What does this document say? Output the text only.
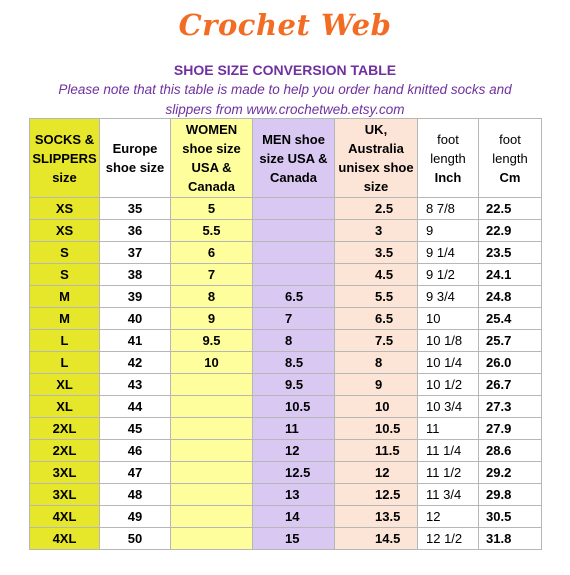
Crochet Web
SHOE SIZE CONVERSION TABLE
Please note that this table is made to help you order hand knitted socks and slippers from www.crochetweb.etsy.com
SOCKS &
SLIPPERS
size	Europe
shoe size	WOMEN
shoe size
USA &
Canada	MEN shoe
size USA &
Canada	UK,
Australia
unisex shoe
size	foot
length
Inch	foot
length
Cm
XS	35	5		2.5	8 7/8	22.5
XS	36	5.5		3	9	22.9
S	37	6		3.5	9 1/4	23.5
S	38	7		4.5	9 1/2	24.1
M	39	8	6.5	5.5	9 3/4	24.8
M	40	9	7	6.5	10	25.4
L	41	9.5	8	7.5	10 1/8	25.7
L	42	10	8.5	8	10 1/4	26.0
XL	43		9.5	9	10 1/2	26.7
XL	44		10.5	10	10 3/4	27.3
2XL	45		11	10.5	11	27.9
2XL	46		12	11.5	11 1/4	28.6
3XL	47		12.5	12	11 1/2	29.2
3XL	48		13	12.5	11 3/4	29.8
4XL	49		14	13.5	12	30.5
4XL	50		15	14.5	12 1/2	31.8
